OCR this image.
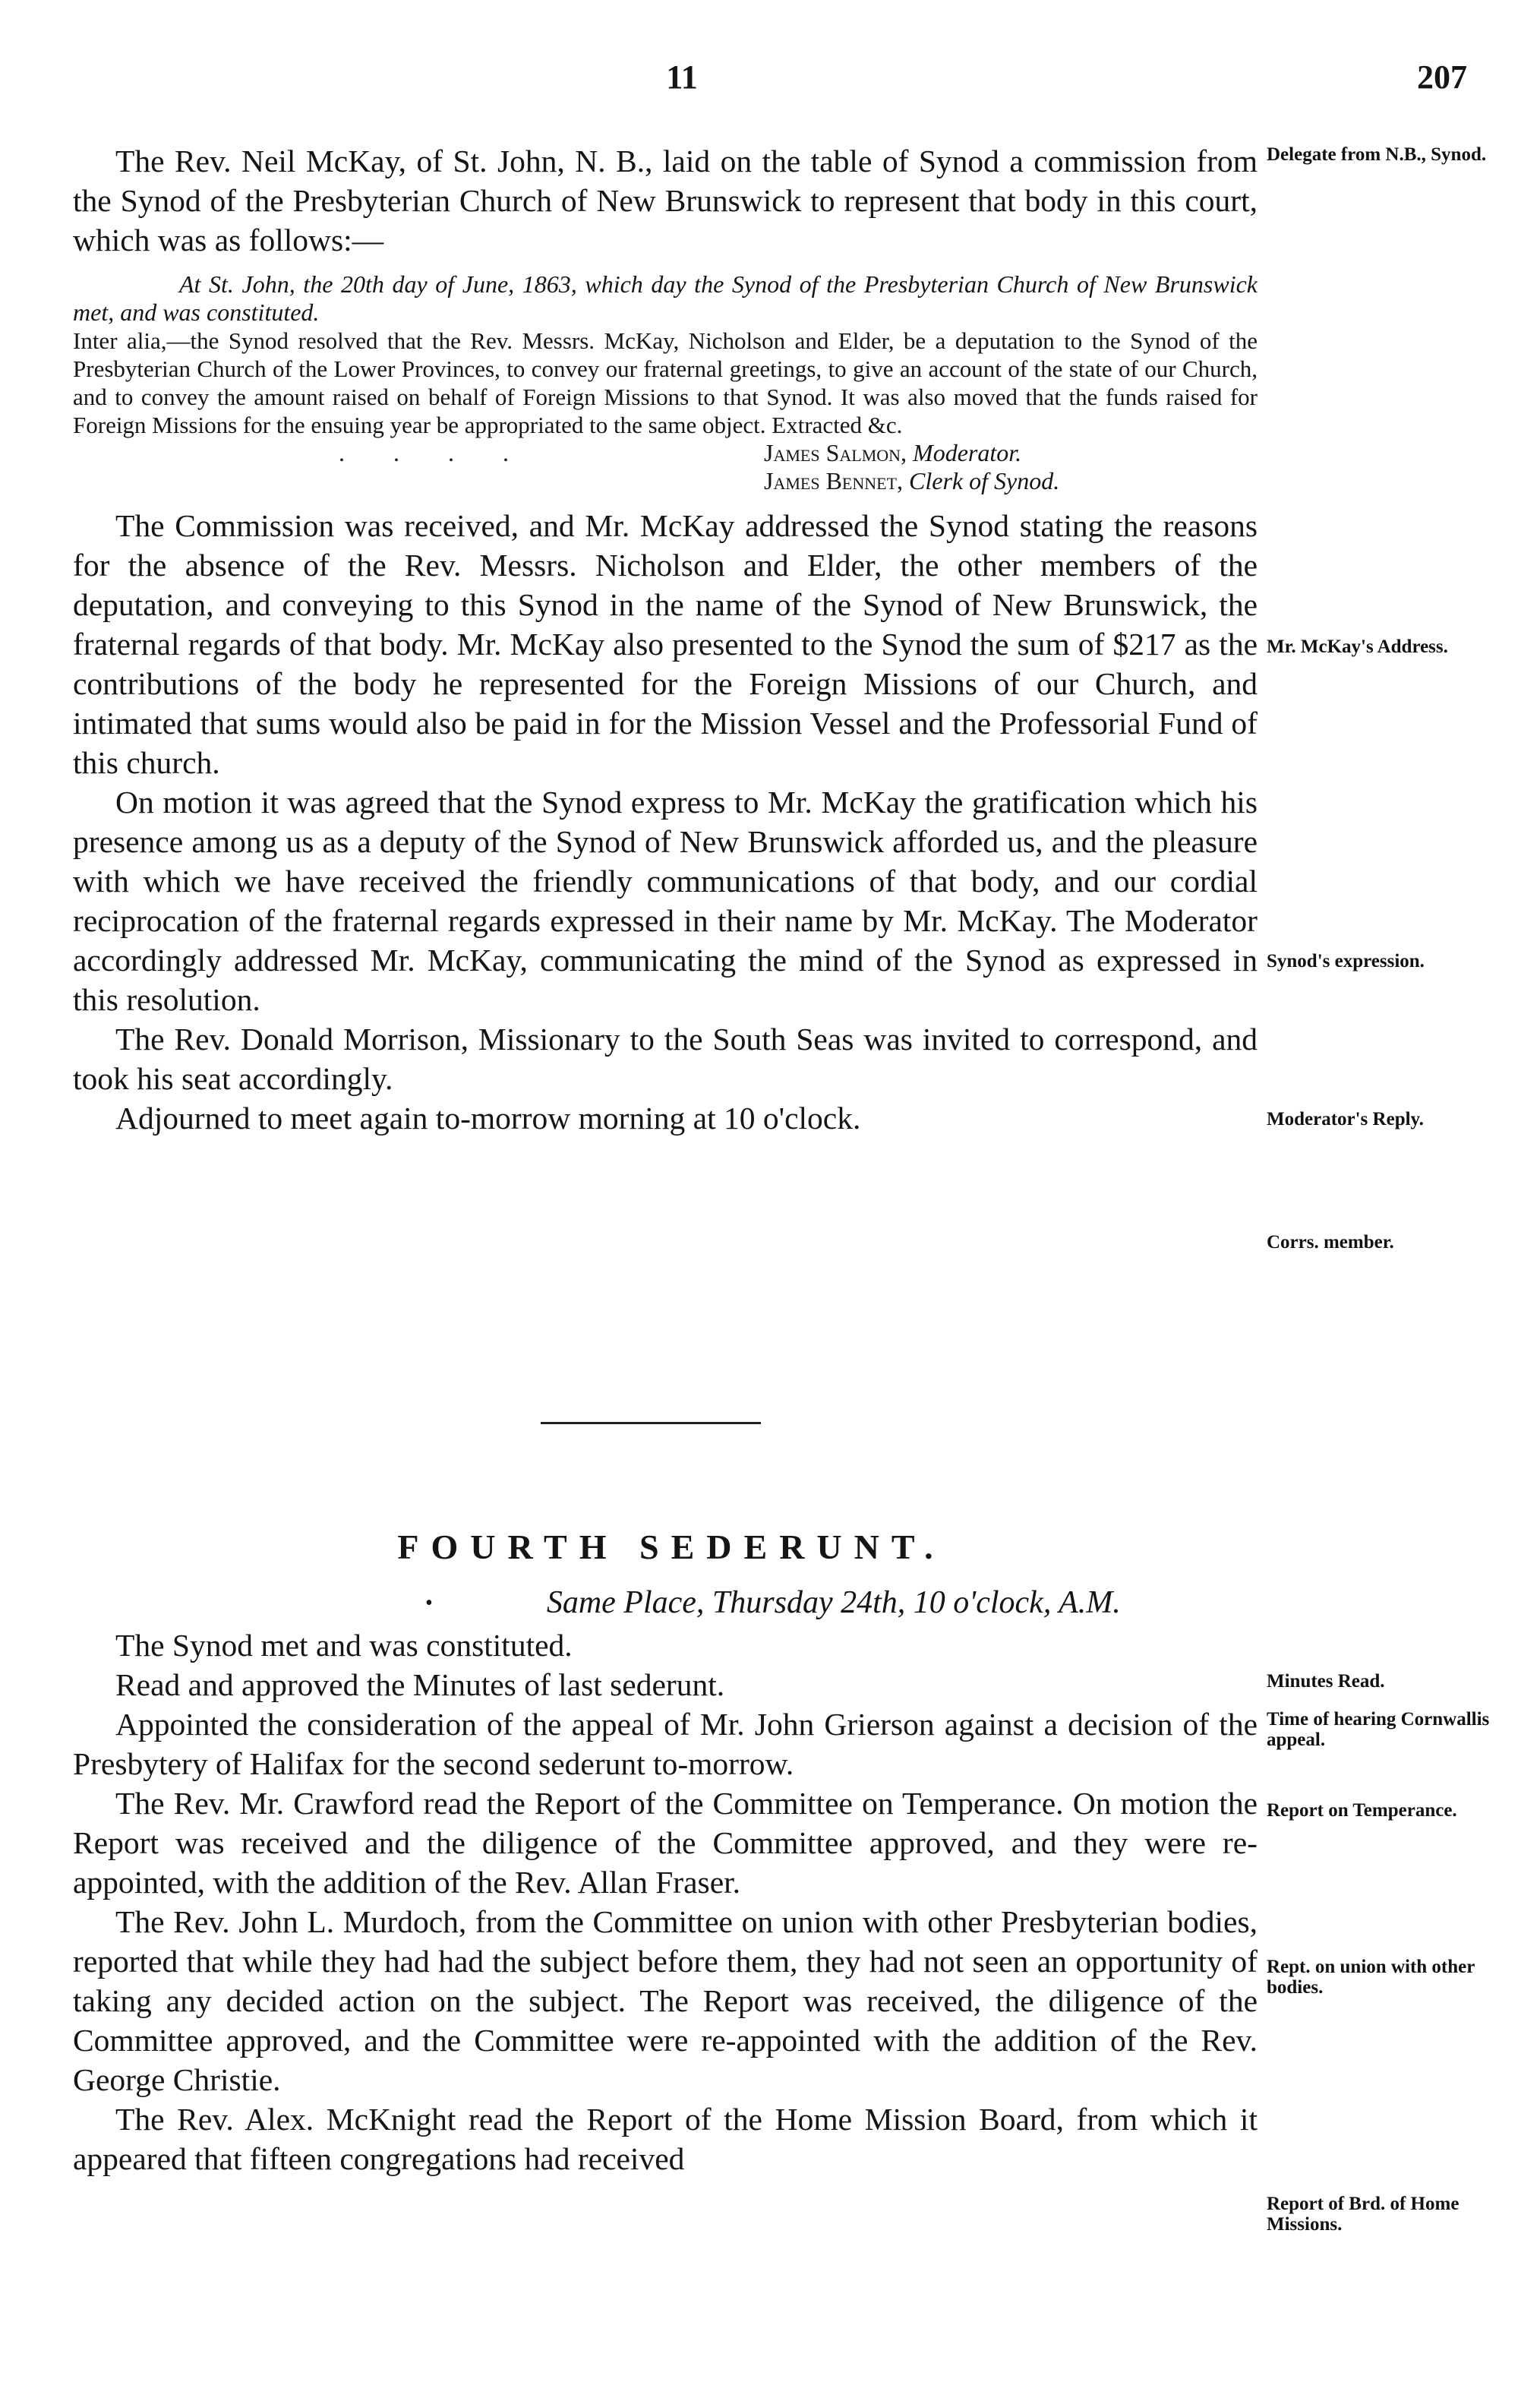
11	207

The Rev. Neil McKay, of St. John, N. B., laid on the table of Synod a commission from the Synod of the Presbyterian Church of New Brunswick to represent that body in this court, which was as follows:—

At St. John, the 20th day of June, 1863, which day the Synod of the Presbyterian Church of New Brunswick met, and was constituted.

Inter alia,—the Synod resolved that the Rev. Messrs. McKay, Nicholson and Elder, be a deputation to the Synod of the Presbyterian Church of the Lower Provinces, to convey our fraternal greetings, to give an account of the state of our Church, and to convey the amount raised on behalf of Foreign Missions to that Synod. It was also moved that the funds raised for Foreign Missions for the ensuing year be appropriated to the same object. Extracted &c.

. . . .	James Salmon, Moderator.
James Bennet, Clerk of Synod.

The Commission was received, and Mr. McKay addressed the Synod stating the reasons for the absence of the Rev. Messrs. Nicholson and Elder, the other members of the deputation, and conveying to this Synod in the name of the Synod of New Brunswick, the fraternal regards of that body. Mr. McKay also presented to the Synod the sum of $217 as the contributions of the body he represented for the Foreign Missions of our Church, and intimated that sums would also be paid in for the Mission Vessel and the Professorial Fund of this church.

On motion it was agreed that the Synod express to Mr. McKay the gratification which his presence among us as a deputy of the Synod of New Brunswick afforded us, and the pleasure with which we have received the friendly communications of that body, and our cordial reciprocation of the fraternal regards expressed in their name by Mr. McKay. The Moderator accordingly addressed Mr. McKay, communicating the mind of the Synod as expressed in this resolution.

The Rev. Donald Morrison, Missionary to the South Seas was invited to correspond, and took his seat accordingly.

Adjourned to meet again to-morrow morning at 10 o'clock.

Delegate from N.B., Synod.
Mr. McKay's Address.
Synod's expression.
Moderator's Reply.
Corrs. member.
FOURTH SEDERUNT.
•	Same Place, Thursday 24th, 10 o'clock, A.M.

The Synod met and was constituted.

Read and approved the Minutes of last sederunt.

Appointed the consideration of the appeal of Mr. John Grierson against a decision of the Presbytery of Halifax for the second sederunt to-morrow.

The Rev. Mr. Crawford read the Report of the Committee on Temperance. On motion the Report was received and the diligence of the Committee approved, and they were re-appointed, with the addition of the Rev. Allan Fraser.

The Rev. John L. Murdoch, from the Committee on union with other Presbyterian bodies, reported that while they had had the subject before them, they had not seen an opportunity of taking any decided action on the subject. The Report was received, the diligence of the Committee approved, and the Committee were re-appointed with the addition of the Rev. George Christie.

The Rev. Alex. McKnight read the Report of the Home Mission Board, from which it appeared that fifteen congregations had received

Minutes Read.
Time of hearing Cornwallis appeal.
Report on Temperance.
Rept. on union with other bodies.
Report of Brd. of Home Missions.
